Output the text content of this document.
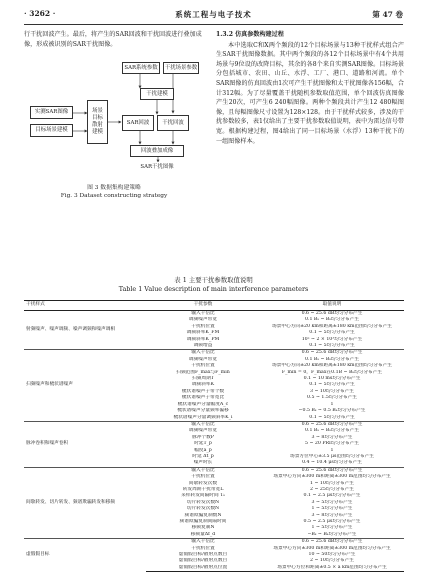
· 3262 ·	系统工程与电子技术	第 47 卷
行干扰回波产生。最后，将产生的SAR回波和干扰回波进行叠加成像，形成被识别的SAR干扰图像。
实测SAR图像
目标场景建模
场景目标散射建模
SAR系统参数	干扰场景参数
干扰建模
SAR回波	干扰回波
回波叠加成像
SAR干扰图像
图 3 数据集构建策略
Fig. 3 Dataset constructing strategy
1.3.2 仿真参数构建过程

本中选取C和X两个频段的12个目标场景与13种干扰样式组合产生SAR干扰图像数据。其中两个频段的各12个目标场景中有4个共用场景与9位设的改降目标，其余的各8个来自实测SAR图像。目标场景分包括城市、农田、山丘、水浮、工厂、港口、道路和河流。单个SAR图像的仿真回波由1次可产生干扰图像和太干扰图像各156幅，合计312幅。为了尽量覆盖干扰随机参数取值范围，单个回波仿真图像产生20次，可产生6 240幅图像。两种个频段共计产生12 480幅图像，且每幅图像尺寸设置为128×128。由于干扰样式较多，涉及的干扰参数较多，表1仅给出了主要干扰参数取值说明，表中为雷达信号带宽。根据构建过程，图4给出了同一目标场景（水浮）13种干扰下的一组图像样本。

表 1 主要干扰参数取值说明
Table 1 Value description of main interference parameters
干扰样式	干扰参数	取值说明
射频噪声、噪声调频、噪声调频和噪声调相	输入干信比	0.6 ~ 25.6 dB均匀分布产生
	调频噪声带宽	0.1 Bₛ ~ Bₛ均匀分布产生
	干扰机位置	场景中心方向±20 km和距离±180 km范围均匀分布产生
	调频斜率K_FM	0.1 ~ 5均匀分布产生
	调频斜率K_PM	10² ~ 2 × 10³均匀分布产生
	调频增益	0.1 ~ 5均匀分布产生
扫频噪声和梳状谱噪声	输入干信比	0.6 ~ 25.6 dB均匀分布产生
	调频噪声带宽	0.1 Bₛ ~ Bₛ均匀分布产生
	干扰机位置	场景中心方向±20 km和距离±180 km范围均匀分布产生
	扫频范围F_max与F_min	F_min = 0，F_max在0.1B ~ Bₛ均匀分布产生
	扫频周期T	0.1 ~ 10 ms均匀分布产生
	调频斜率K	0.1 ~ 5均匀分布产生
	梳状谱噪声子带个数	3 ~ 10均匀分布产生
	梳状谱噪声子带宽比	0.5 ~ 1.5均匀分布产生
	梳状谱噪声分量幅度A_c	1
	梳状谱噪声分量频率偏移	−0.5 Bₛ ~ 0.5 Bₛ均匀分布产生
	梳状谱噪声分量调频斜率K_i	0.1 ~ 5均匀分布产生
脉冲卷积和噪声卷积	输入干信比	0.6 ~ 25.6 dB均匀分布产生
	调频噪声带宽	0.1 Bₛ ~ Bₛ均匀分布产生
	脉冲个数P	3 ~ 8均匀分布产生
	时延T_p	5 ~ 20 PRI均匀分布产生
	幅度a_p	1
	时延 Δt_p	场景方位中心±3.5 μs范围均匀分布产生
	噪声时长	0.4 ~ 10.4 μs均匀分布产生
间歇转发、切片转发、频谱欺骗转发和移频	输入干信比	0.6 ~ 25.6 dB均匀分布产生
	干扰机位置	场景中心方向±300 m和距离±300 m范围均匀分布产生
	间歇转发次数	1 ~ 10均匀分布产生
	转发周期干扰带宽L	2 ~ 25均匀分布产生
	采样转发间隔时间 Tₛ	0.1 ~ 2.5 μs均匀分布产生
	切片转发次数N	3 ~ 5均匀分布产生
	切片转发次数N	1 ~ 5均匀分布产生
	频谱欺骗复制数N	3 ~ 8均匀分布产生
	频谱欺骗复制间隔时间	0.5 ~ 2.5 μs均匀分布产生
	移频复制N	1 ~ 5均匀分布产生
	移频量Δf_d	−Bₛ ~ Bₛ均匀分布产生
虚假假目标	输入干信比	0.6 ~ 25.6 dB均匀分布产生
	干扰机位置	场景中心方向±300 m和距离±300 m范围均匀分布产生
	虚假假目标/散射点数目	10 ~ 50均匀分布产生
	虚假假目标/散射点数目	2 ~ 10均匀分布产生
	虚假假目标/散射点位置	场景中心方位和距离±0.5 × a km范围均匀分布产生
